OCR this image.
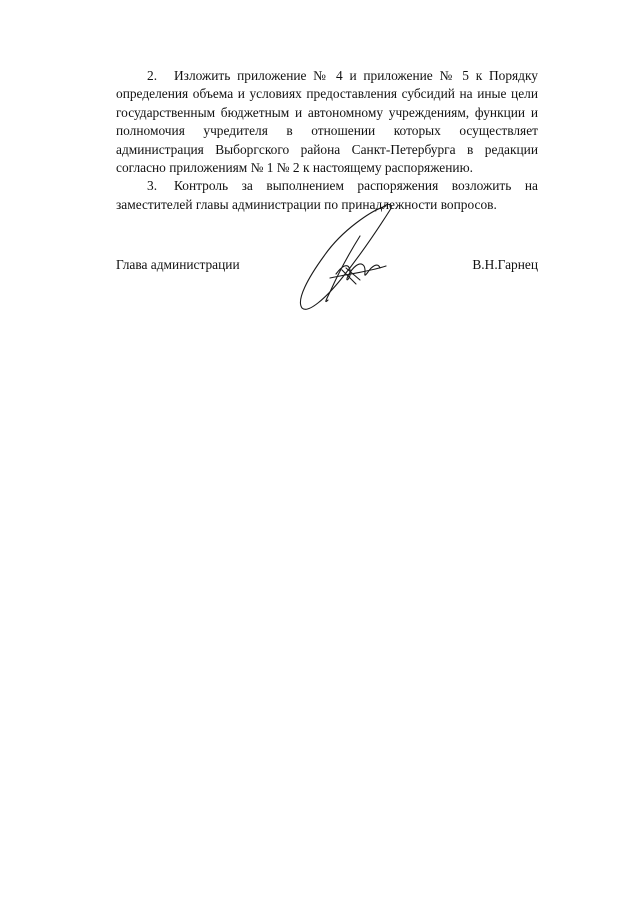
2. Изложить приложение № 4 и приложение № 5 к Порядку определения объема и условиях предоставления субсидий на иные цели государственным бюджетным и автономному учреждениям, функции и полномочия учредителя в отношении которых осуществляет администрация Выборгского района Санкт-Петербурга в редакции согласно приложениям № 1 № 2 к настоящему распоряжению.

3. Контроль за выполнением распоряжения возложить на заместителей главы администрации по принадлежности вопросов.

Глава администрации	В.Н.Гарнец
